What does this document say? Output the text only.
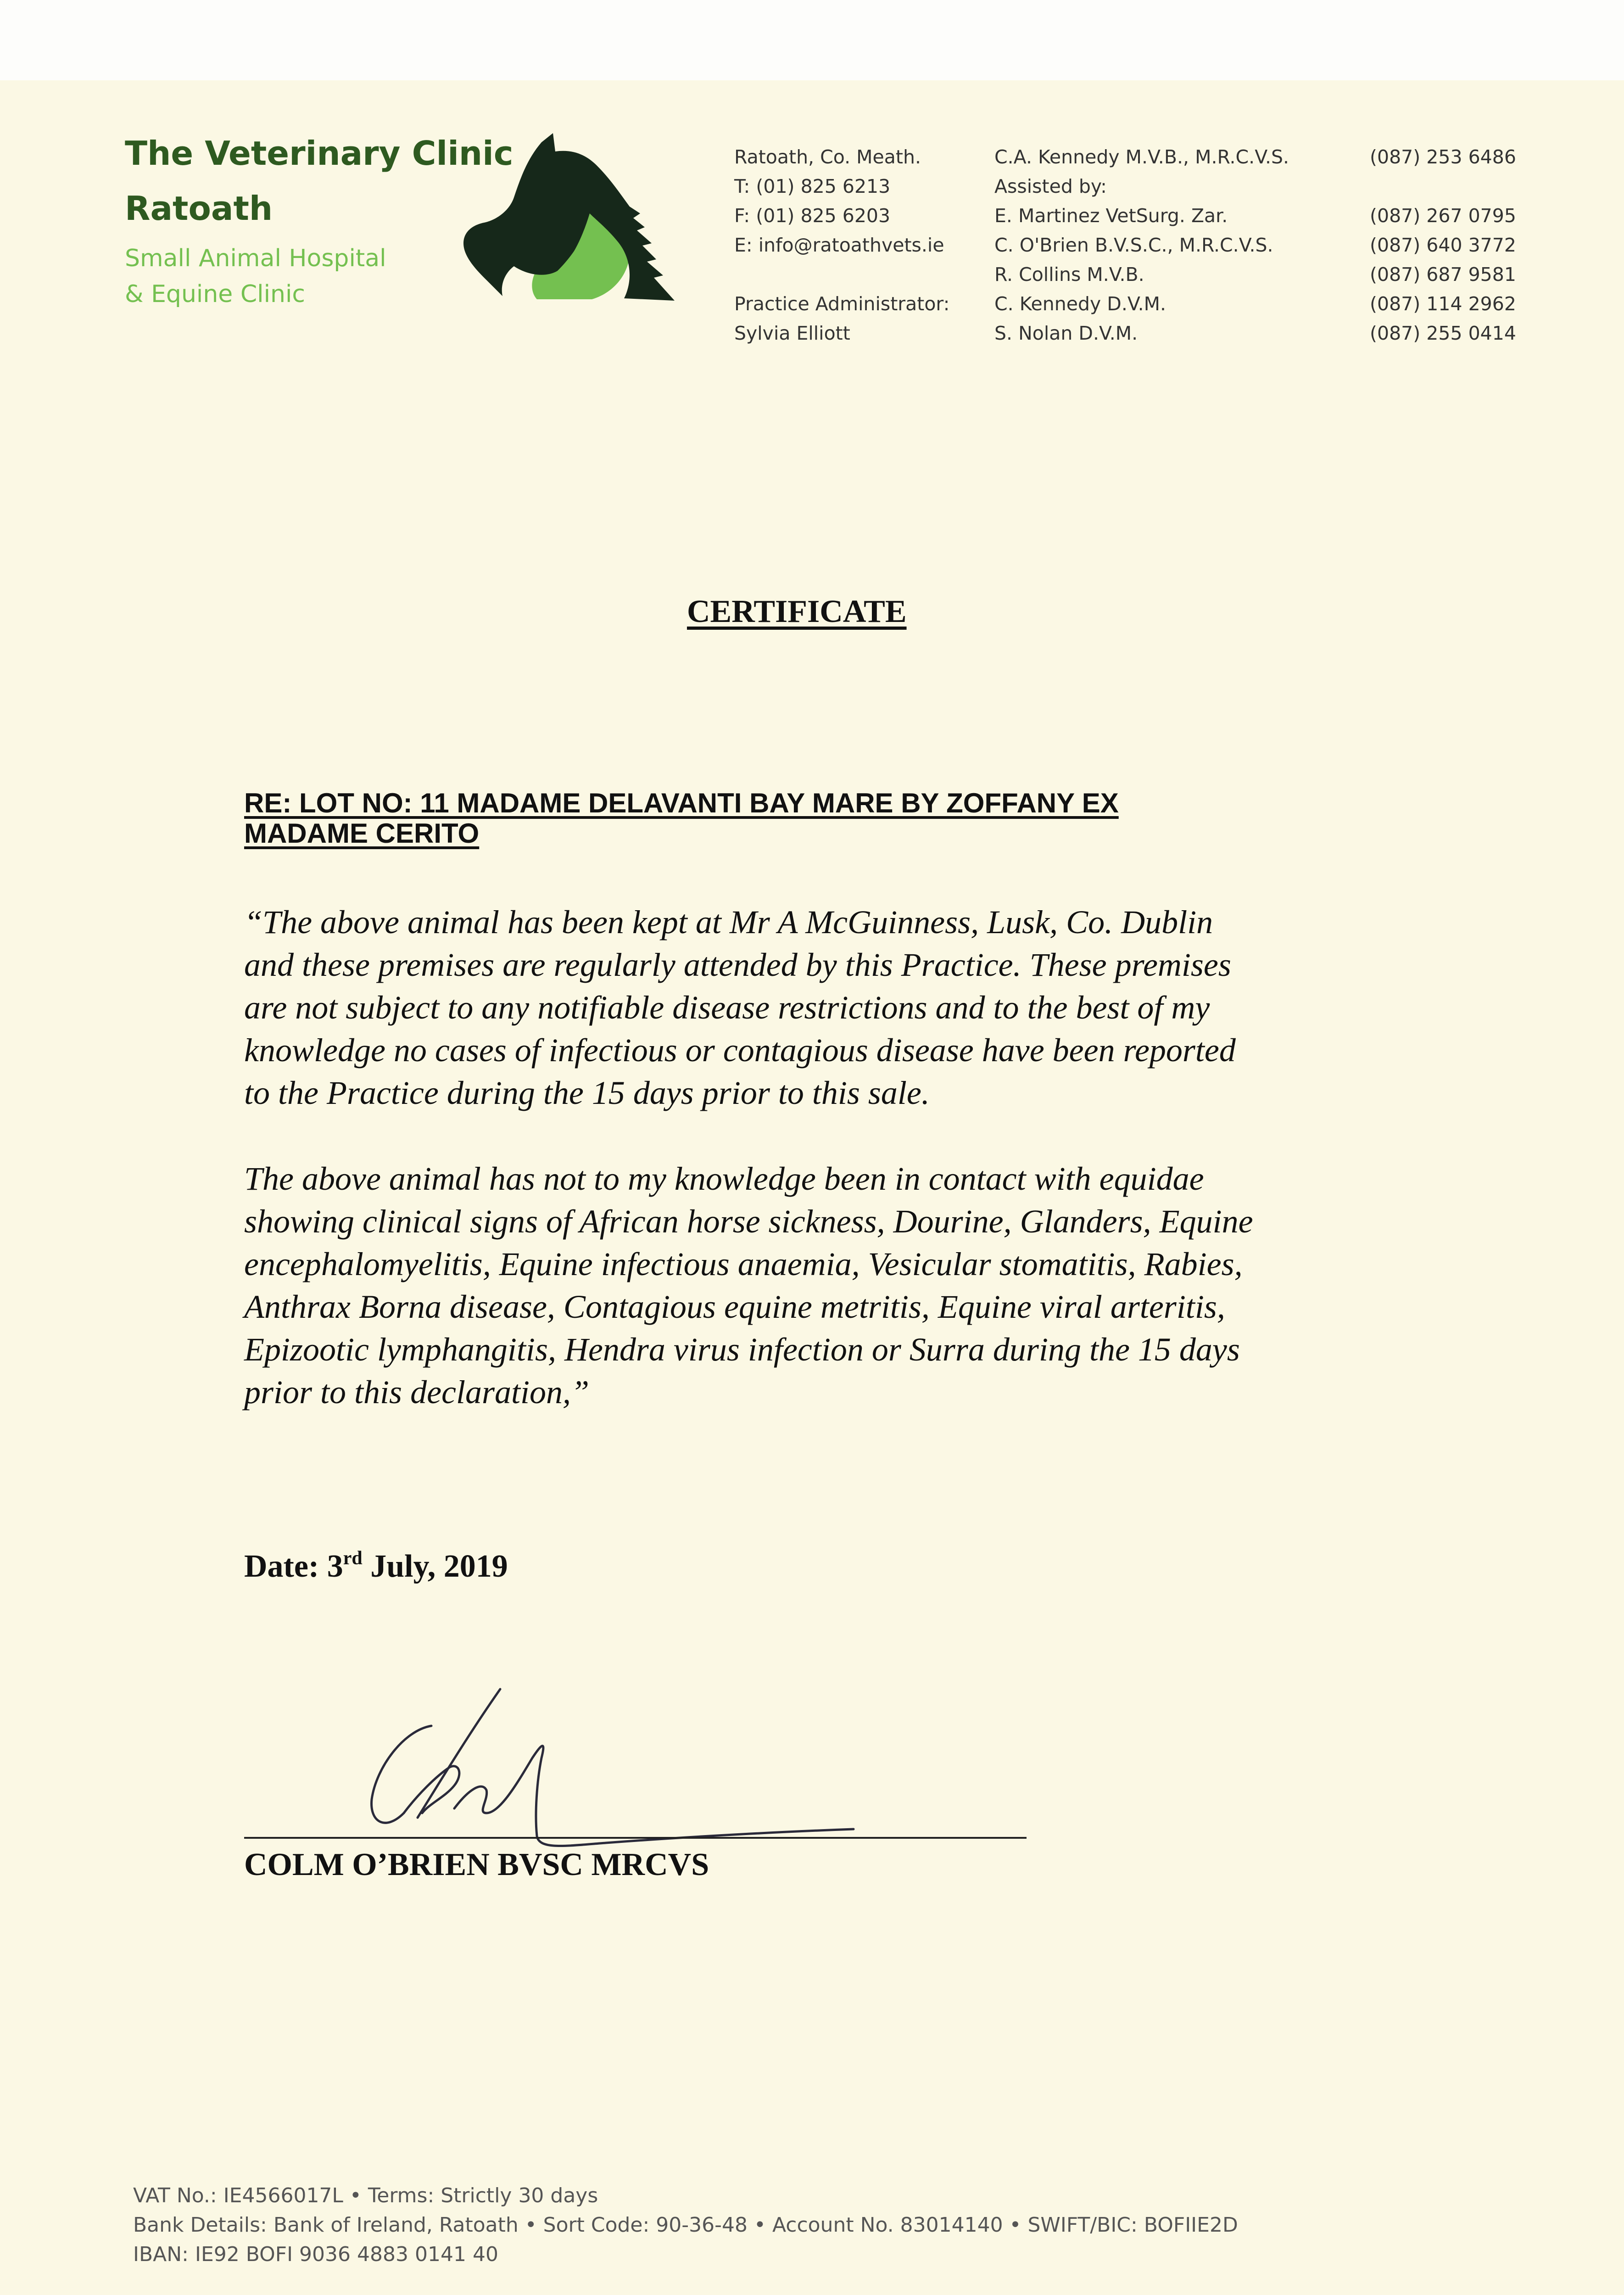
The Veterinary Clinic
Ratoath
Small Animal Hospital
& Equine Clinic
Ratoath, Co. Meath.
T: (01) 825 6213
F: (01) 825 6203
E: info@ratoathvets.ie
Practice Administrator:
Sylvia Elliott
C.A. Kennedy M.V.B., M.R.C.V.S.
Assisted by:
E. Martinez VetSurg. Zar.
C. O'Brien B.V.S.C., M.R.C.V.S.
R. Collins M.V.B.
C. Kennedy D.V.M.
S. Nolan D.V.M.
(087) 253 6486
(087) 267 0795
(087) 640 3772
(087) 687 9581
(087) 114 2962
(087) 255 0414
CERTIFICATE
RE: LOT NO: 11 MADAME DELAVANTI BAY MARE BY ZOFFANY EX
MADAME CERITO

“The above animal has been kept at Mr A McGuinness, Lusk, Co. Dublin
and these premises are regularly attended by this Practice. These premises
are not subject to any notifiable disease restrictions and to the best of my
knowledge no cases of infectious or contagious disease have been reported
to the Practice during the 15 days prior to this sale.

The above animal has not to my knowledge been in contact with equidae
showing clinical signs of African horse sickness, Dourine, Glanders, Equine
encephalomyelitis, Equine infectious anaemia, Vesicular stomatitis, Rabies,
Anthrax Borna disease, Contagious equine metritis, Equine viral arteritis,
Epizootic lymphangitis, Hendra virus infection or Surra during the 15 days
prior to this declaration,”

Date: 3rd July, 2019
COLM O’BRIEN BVSC MRCVS
VAT No.: IE4566017L • Terms: Strictly 30 days
Bank Details: Bank of Ireland, Ratoath • Sort Code: 90-36-48 • Account No. 83014140 • SWIFT/BIC: BOFIIE2D
IBAN: IE92 BOFI 9036 4883 0141 40
